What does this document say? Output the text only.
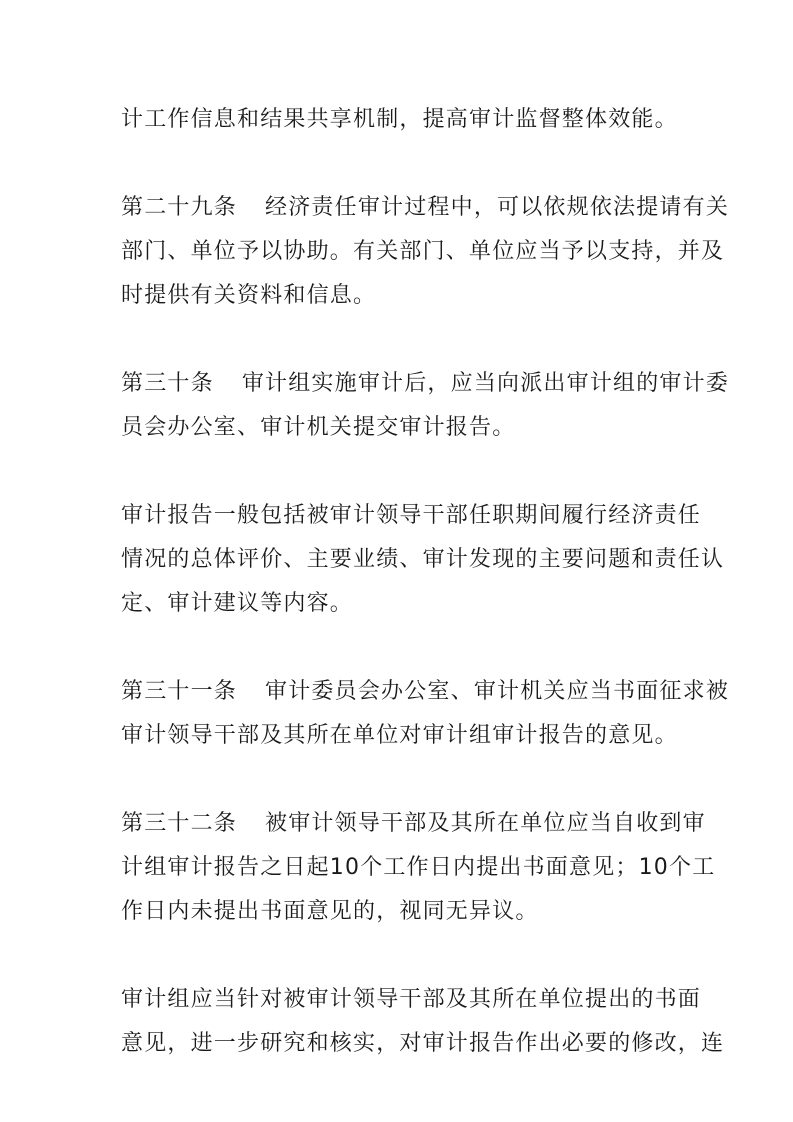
计工作信息和结果共享机制，提高审计监督整体效能。
第二十九条 经济责任审计过程中，可以依规依法提请有关
部门、单位予以协助。有关部门、单位应当予以支持，并及
时提供有关资料和信息。
第三十条 审计组实施审计后，应当向派出审计组的审计委
员会办公室、审计机关提交审计报告。
审计报告一般包括被审计领导干部任职期间履行经济责任
情况的总体评价、主要业绩、审计发现的主要问题和责任认
定、审计建议等内容。
第三十一条 审计委员会办公室、审计机关应当书面征求被
审计领导干部及其所在单位对审计组审计报告的意见。
第三十二条 被审计领导干部及其所在单位应当自收到审
计组审计报告之日起10个工作日内提出书面意见；10个工
作日内未提出书面意见的，视同无异议。
审计组应当针对被审计领导干部及其所在单位提出的书面
意见，进一步研究和核实，对审计报告作出必要的修改，连
